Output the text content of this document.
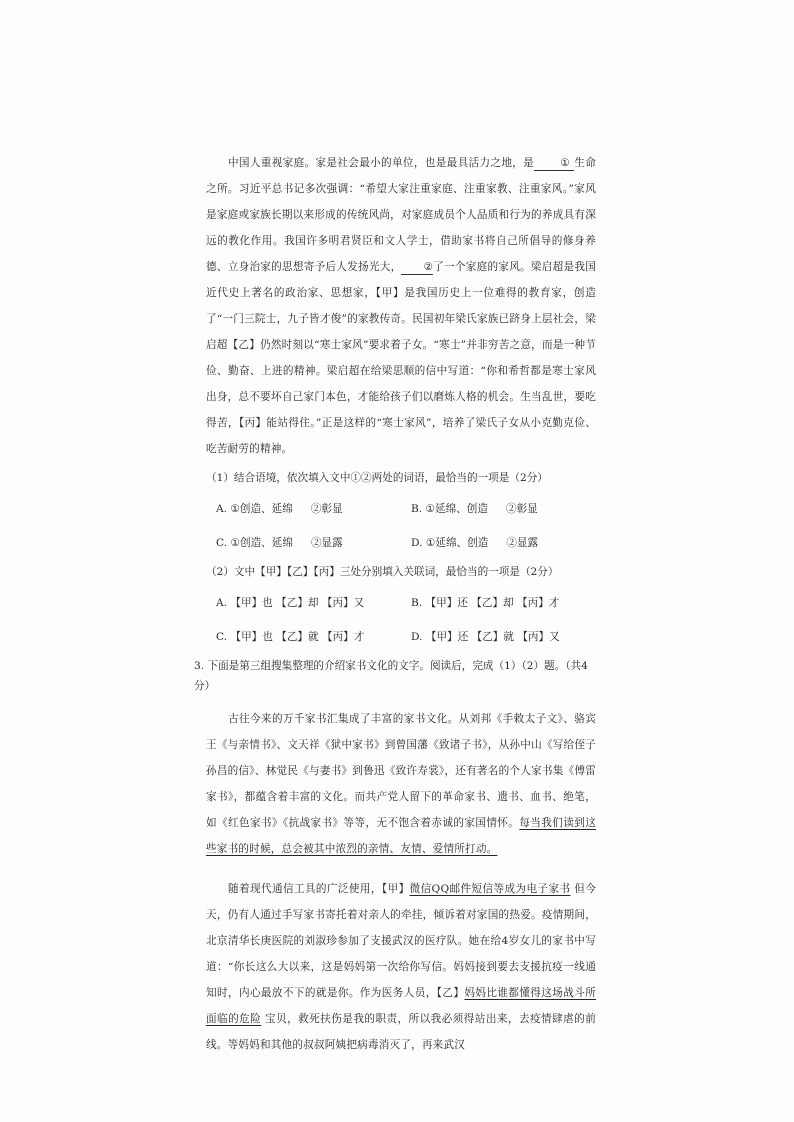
中国人重视家庭。家是社会最小的单位，也是最具活力之地，是 ① 生命之所。习近平总书记多次强调：“希望大家注重家庭、注重家教、注重家风。”家风是家庭或家族长期以来形成的传统风尚，对家庭成员个人品质和行为的养成具有深远的教化作用。我国许多明君贤臣和文人学士，借助家书将自己所倡导的修身养德、立身治家的思想寄予后人发扬光大， ②了一个家庭的家风。梁启超是我国近代史上著名的政治家、思想家，【甲】是我国历史上一位难得的教育家，创造了“一门三院士，九子皆才俊”的家教传奇。民国初年梁氏家族已跻身上层社会，梁启超【乙】仍然时刻以“寒士家风”要求着子女。“寒士”并非穷苦之意，而是一种节俭、勤奋、上进的精神。梁启超在给梁思顺的信中写道：“你和希哲都是寒士家风出身，总不要坏自己家门本色，才能给孩子们以磨炼人格的机会。生当乱世，要吃得苦，【丙】能站得住。”正是这样的“寒士家风”，培养了梁氏子女从小克勤克俭、吃苦耐劳的精神。

（1）结合语境，依次填入文中①②两处的词语，最恰当的一项是（2分）

A. ①创造、延绵 ②彰显	B. ①延绵、创造 ②彰显
C. ①创造、延绵 ②显露	D. ①延绵、创造 ②显露

（2）文中【甲】【乙】【丙】三处分别填入关联词，最恰当的一项是（2分）

A. 【甲】也 【乙】却 【丙】又	B. 【甲】还 【乙】却 【丙】才
C. 【甲】也 【乙】就 【丙】才	D. 【甲】还 【乙】就 【丙】又

3. 下面是第三组搜集整理的介绍家书文化的文字。阅读后，完成（1）（2）题。（共4分）

古往今来的万千家书汇集成了丰富的家书文化。从刘邦《手敕太子文》、骆宾王《与亲情书》、文天祥《狱中家书》到曾国藩《致诸子书》，从孙中山《写给侄子孙昌的信》、林觉民《与妻书》到鲁迅《致许寿裳》，还有著名的个人家书集《傅雷家书》，都蕴含着丰富的文化。而共产党人留下的革命家书、遗书、血书、绝笔，如《红色家书》《抗战家书》等等，无不饱含着赤诚的家国情怀。每当我们读到这些家书的时候，总会被其中浓烈的亲情、友情、爱情所打动。

随着现代通信工具的广泛使用，【甲】微信QQ邮件短信等成为电子家书 但今天，仍有人通过手写家书寄托着对亲人的牵挂，倾诉着对家国的热爱。疫情期间，北京清华长庚医院的刘淑珍参加了支援武汉的医疗队。她在给4岁女儿的家书中写道：“你长这么大以来，这是妈妈第一次给你写信。妈妈接到要去支援抗疫一线通知时，内心最放不下的就是你。作为医务人员，【乙】妈妈比谁都懂得这场战斗所面临的危险 宝贝，救死扶伤是我的职责，所以我必须得站出来，去疫情肆虐的前线。等妈妈和其他的叔叔阿姨把病毒消灭了，再来武汉
